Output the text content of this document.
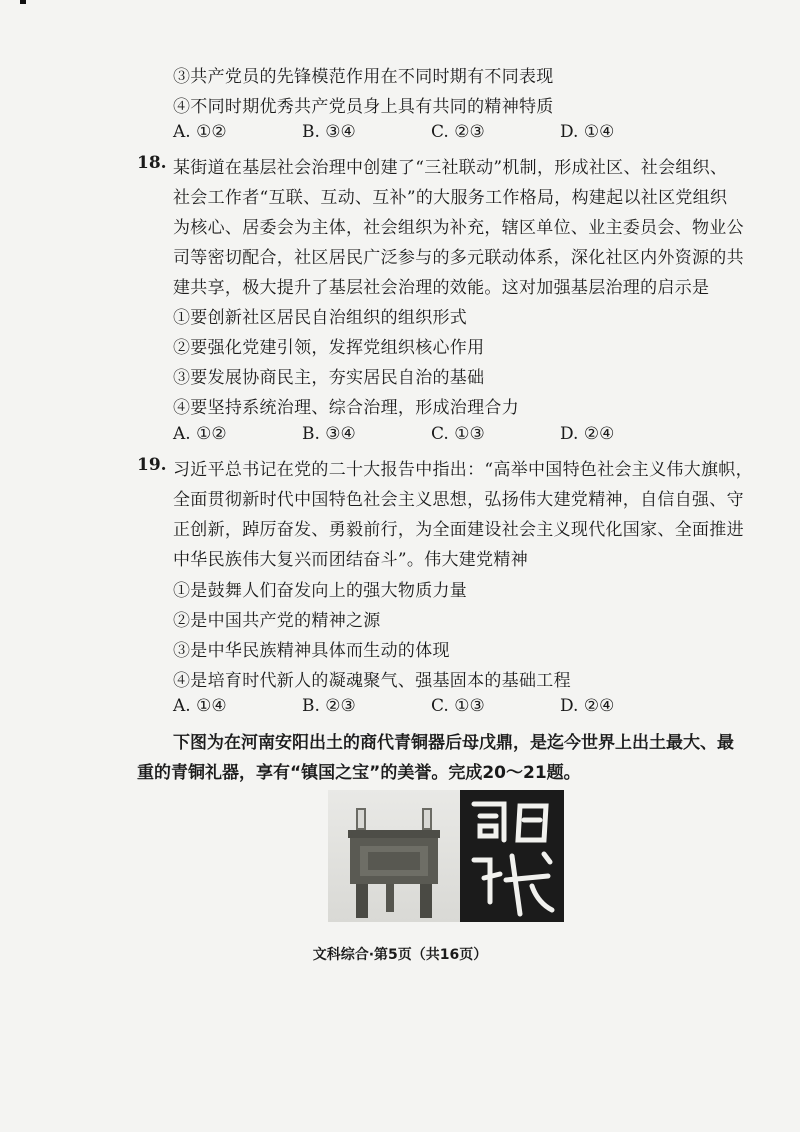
③共产党员的先锋模范作用在不同时期有不同表现
④不同时期优秀共产党员身上具有共同的精神特质
A. ①②	B. ③④	C. ②③	D. ①④
18. 某街道在基层社会治理中创建了“三社联动”机制，形成社区、社会组织、
社会工作者“互联、互动、互补”的大服务工作格局，构建起以社区党组织
为核心、居委会为主体，社会组织为补充，辖区单位、业主委员会、物业公
司等密切配合，社区居民广泛参与的多元联动体系，深化社区内外资源的共
建共享，极大提升了基层社会治理的效能。这对加强基层治理的启示是
①要创新社区居民自治组织的组织形式
②要强化党建引领，发挥党组织核心作用
③要发展协商民主，夯实居民自治的基础
④要坚持系统治理、综合治理，形成治理合力
A. ①②	B. ③④	C. ①③	D. ②④
19. 习近平总书记在党的二十大报告中指出：“高举中国特色社会主义伟大旗帜，
全面贯彻新时代中国特色社会主义思想，弘扬伟大建党精神，自信自强、守
正创新，踔厉奋发、勇毅前行，为全面建设社会主义现代化国家、全面推进
中华民族伟大复兴而团结奋斗”。伟大建党精神
①是鼓舞人们奋发向上的强大物质力量
②是中国共产党的精神之源
③是中华民族精神具体而生动的体现
④是培育时代新人的凝魂聚气、强基固本的基础工程
A. ①④	B. ②③	C. ①③	D. ②④
下图为在河南安阳出土的商代青铜器后母戊鼎，是迄今世界上出土最大、最
重的青铜礼器，享有“镇国之宝”的美誉。完成20～21题。
文科综合·第5页（共16页）
